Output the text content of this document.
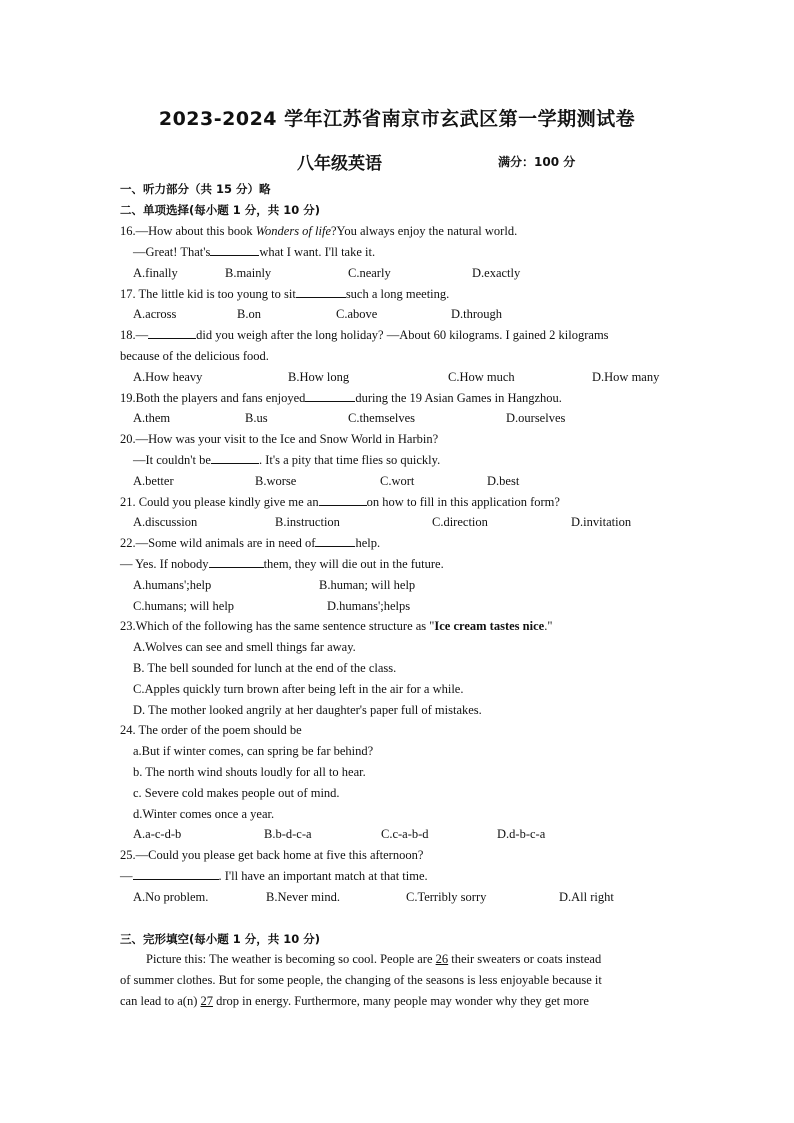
2023-2024 学年江苏省南京市玄武区第一学期测试卷
八年级英语	满分：100 分
一、听力部分（共 15 分）略
二、单项选择(每小题 1 分，共 10 分)
16.—How about this book Wonders of life?You always enjoy the natural world.
—Great! That's	what I want. I'll take it.
A.finally	B.mainly	C.nearly	D.exactly
17. The little kid is too young to sit	such a long meeting.
A.across	B.on	C.above	D.through
18.—	did you weigh after the long holiday? —About 60 kilograms. I gained 2 kilograms
because of the delicious food.
A.How heavy	B.How long	C.How much	D.How many
19.Both the players and fans enjoyed	during the 19 Asian Games in Hangzhou.
A.them	B.us	C.themselves	D.ourselves
20.—How was your visit to the Ice and Snow World in Harbin?
—It couldn't be	. It's a pity that time flies so quickly.
A.better	B.worse	C.wort	D.best
21. Could you please kindly give me an	on how to fill in this application form?
A.discussion	B.instruction	C.direction	D.invitation
22.—Some wild animals are in need of	help.
— Yes. If nobody	them, they will die out in the future.
A.humans';help	B.human; will help
C.humans; will help	D.humans';helps
23.Which of the following has the same sentence structure as "Ice cream tastes nice."
A.Wolves can see and smell things far away.
B. The bell sounded for lunch at the end of the class.
C.Apples quickly turn brown after being left in the air for a while.
D. The mother looked angrily at her daughter's paper full of mistakes.
24. The order of the poem should be
a.But if winter comes, can spring be far behind?
b. The north wind shouts loudly for all to hear.
c. Severe cold makes people out of mind.
d.Winter comes once a year.
A.a-c-d-b	B.b-d-c-a	C.c-a-b-d	D.d-b-c-a
25.—Could you please get back home at five this afternoon?
—	. I'll have an important match at that time.
A.No problem.	B.Never mind.	C.Terribly sorry	D.All right
三、完形填空(每小题 1 分，共 10 分)
Picture this: The weather is becoming so cool. People are 26 their sweaters or coats instead
of summer clothes. But for some people, the changing of the seasons is less enjoyable because it
can lead to a(n) 27 drop in energy. Furthermore, many people may wonder why they get more
